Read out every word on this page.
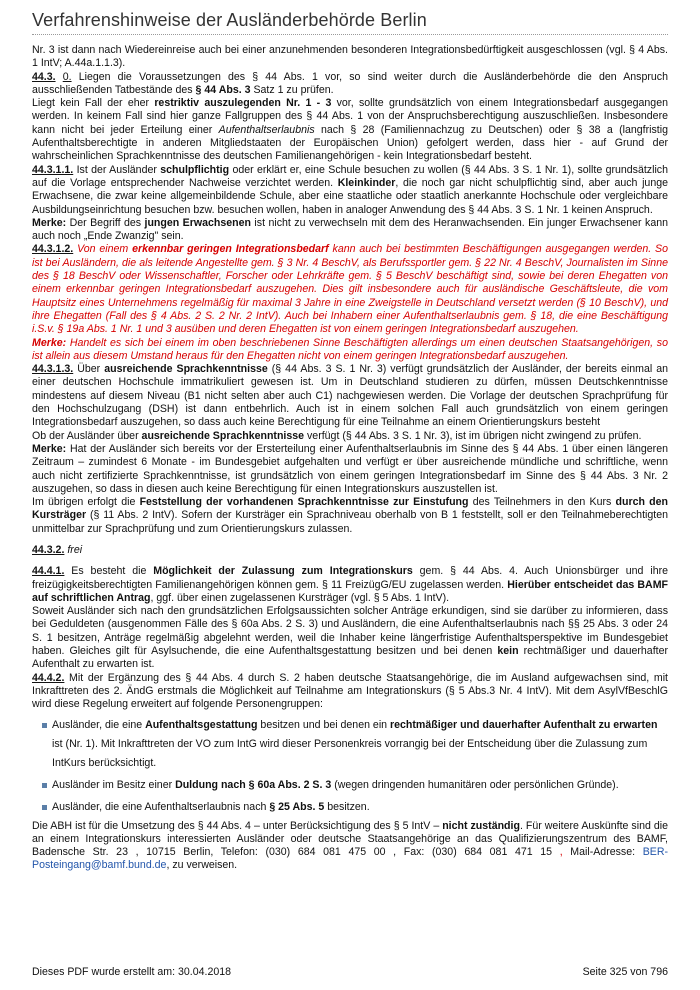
Verfahrenshinweise der Ausländerbehörde Berlin

Nr. 3 ist dann nach Wiedereinreise auch bei einer anzunehmenden besonderen Integrationsbedürftigkeit ausgeschlossen (vgl. § 4 Abs. 1 IntV; A.44a.1.1.3).

44.3. 0. Liegen die Voraussetzungen des § 44 Abs. 1 vor, so sind weiter durch die Ausländerbehörde die den Anspruch ausschließenden Tatbestände des § 44 Abs. 3 Satz 1 zu prüfen.

Liegt kein Fall der eher restriktiv auszulegenden Nr. 1 - 3 vor, sollte grundsätzlich von einem Integrationsbedarf ausgegangen werden. In keinem Fall sind hier ganze Fallgruppen des § 44 Abs. 1 von der Anspruchsberechtigung auszuschließen. Insbesondere kann nicht bei jeder Erteilung einer Aufenthaltserlaubnis nach § 28 (Familiennachzug zu Deutschen) oder § 38 a (langfristig Aufenthaltsberechtigte in anderen Mitgliedstaaten der Europäischen Union) gefolgert werden, dass hier - auf Grund der wahrscheinlichen Sprachkenntnisse des deutschen Familienangehörigen - kein Integrationsbedarf besteht.

44.3.1.1. Ist der Ausländer schulpflichtig oder erklärt er, eine Schule besuchen zu wollen (§ 44 Abs. 3 S. 1 Nr. 1), sollte grundsätzlich auf die Vorlage entsprechender Nachweise verzichtet werden. Kleinkinder, die noch gar nicht schulpflichtig sind, aber auch junge Erwachsene, die zwar keine allgemeinbildende Schule, aber eine staatliche oder staatlich anerkannte Hochschule oder vergleichbare Ausbildungseinrichtung besuchen bzw. besuchen wollen, haben in analoger Anwendung des § 44 Abs. 3 S. 1 Nr. 1 keinen Anspruch.

Merke: Der Begriff des jungen Erwachsenen ist nicht zu verwechseln mit dem des Heranwachsenden. Ein junger Erwachsener kann auch noch „Ende Zwanzig" sein.

44.3.1.2. Von einem erkennbar geringen Integrationsbedarf kann auch bei bestimmten Beschäftigungen ausgegangen werden. So ist bei Ausländern, die als leitende Angestellte gem. § 3 Nr. 4 BeschV, als Berufssportler gem. § 22 Nr. 4 BeschV, Journalisten im Sinne des § 18 BeschV oder Wissenschaftler, Forscher oder Lehrkräfte gem. § 5 BeschV beschäftigt sind, sowie bei deren Ehegatten von einem erkennbar geringen Integrationsbedarf auszugehen. Dies gilt insbesondere auch für ausländische Geschäftsleute, die vom Hauptsitz eines Unternehmens regelmäßig für maximal 3 Jahre in eine Zweigstelle in Deutschland versetzt werden (§ 10 BeschV), und ihre Ehegatten (Fall des § 4 Abs. 2 S. 2 Nr. 2 IntV). Auch bei Inhabern einer Aufenthaltserlaubnis gem. § 18, die eine Beschäftigung i.S.v. § 19a Abs. 1 Nr. 1 und 3 ausüben und deren Ehegatten ist von einem geringen Integrationsbedarf auszugehen.

Merke: Handelt es sich bei einem im oben beschriebenen Sinne Beschäftigten allerdings um einen deutschen Staatsangehörigen, so ist allein aus diesem Umstand heraus für den Ehegatten nicht von einem geringen Integrationsbedarf auszugehen.

44.3.1.3. Über ausreichende Sprachkenntnisse (§ 44 Abs. 3 S. 1 Nr. 3) verfügt grundsätzlich der Ausländer, der bereits einmal an einer deutschen Hochschule immatrikuliert gewesen ist. Um in Deutschland studieren zu dürfen, müssen Deutschkenntnisse mindestens auf diesem Niveau (B1 nicht selten aber auch C1) nachgewiesen werden. Die Vorlage der deutschen Sprachprüfung für den Hochschulzugang (DSH) ist dann entbehrlich. Auch ist in einem solchen Fall auch grundsätzlich von einem geringen Integrationsbedarf auszugehen, so dass auch keine Berechtigung für eine Teilnahme an einem Orientierungskurs besteht

Ob der Ausländer über ausreichende Sprachkenntnisse verfügt (§ 44 Abs. 3 S. 1 Nr. 3), ist im übrigen nicht zwingend zu prüfen.

Merke: Hat der Ausländer sich bereits vor der Ersterteilung einer Aufenthaltserlaubnis im Sinne des § 44 Abs. 1 über einen längeren Zeitraum – zumindest 6 Monate - im Bundesgebiet aufgehalten und verfügt er über ausreichende mündliche und schriftliche, wenn auch nicht zertifizierte Sprachkenntnisse, ist grundsätzlich von einem geringen Integrationsbedarf im Sinne des § 44 Abs. 3 Nr. 2 auszugehen, so dass in diesen auch keine Berechtigung für einen Integrationskurs auszustellen ist.

Im übrigen erfolgt die Feststellung der vorhandenen Sprachkenntnisse zur Einstufung des Teilnehmers in den Kurs durch den Kursträger (§ 11 Abs. 2 IntV). Sofern der Kursträger ein Sprachniveau oberhalb von B 1 feststellt, soll er den Teilnahmeberechtigten unmittelbar zur Sprachprüfung und zum Orientierungskurs zulassen.

44.3.2. frei

44.4.1. Es besteht die Möglichkeit der Zulassung zum Integrationskurs gem. § 44 Abs. 4. Auch Unionsbürger und ihre freizügigkeitsberechtigten Familienangehörigen können gem. § 11 FreizügG/EU zugelassen werden. Hierüber entscheidet das BAMF auf schriftlichen Antrag, ggf. über einen zugelassenen Kursträger (vgl. § 5 Abs. 1 IntV).

Soweit Ausländer sich nach den grundsätzlichen Erfolgsaussichten solcher Anträge erkundigen, sind sie darüber zu informieren, dass bei Geduldeten (ausgenommen Fälle des § 60a Abs. 2 S. 3) und Ausländern, die eine Aufenthaltserlaubnis nach §§ 25 Abs. 3 oder 24 S. 1 besitzen, Anträge regelmäßig abgelehnt werden, weil die Inhaber keine längerfristige Aufenthaltsperspektive im Bundesgebiet haben. Gleiches gilt für Asylsuchende, die eine Aufenthaltsgestattung besitzen und bei denen kein rechtmäßiger und dauerhafter Aufenthalt zu erwarten ist.

44.4.2. Mit der Ergänzung des § 44 Abs. 4 durch S. 2 haben deutsche Staatsangehörige, die im Ausland aufgewachsen sind, mit Inkrafttreten des 2. ÄndG erstmals die Möglichkeit auf Teilnahme am Integrationskurs (§ 5 Abs.3 Nr. 4 IntV). Mit dem AsylVfBeschlG wird diese Regelung erweitert auf folgende Personengruppen:

Ausländer, die eine Aufenthaltsgestattung besitzen und bei denen ein rechtmäßiger und dauerhafter Aufenthalt zu erwarten ist (Nr. 1). Mit Inkrafttreten der VO zum IntG wird dieser Personenkreis vorrangig bei der Entscheidung über die Zulassung zum IntKurs berücksichtigt.
Ausländer im Besitz einer Duldung nach § 60a Abs. 2 S. 3 (wegen dringenden humanitären oder persönlichen Gründe).
Ausländer, die eine Aufenthaltserlaubnis nach § 25 Abs. 5 besitzen.

Die ABH ist für die Umsetzung des § 44 Abs. 4 – unter Berücksichtigung des § 5 IntV – nicht zuständig. Für weitere Auskünfte sind die an einem Integrationskurs interessierten Ausländer oder deutsche Staatsangehörige an das Qualifizierungszentrum des BAMF, Badensche Str. 23 , 10715 Berlin, Telefon: (030) 684 081 475 00 , Fax: (030) 684 081 471 15 , Mail-Adresse: BER-Posteingang@bamf.bund.de, zu verweisen.

Dieses PDF wurde erstellt am: 30.04.2018	Seite 325 von 796
